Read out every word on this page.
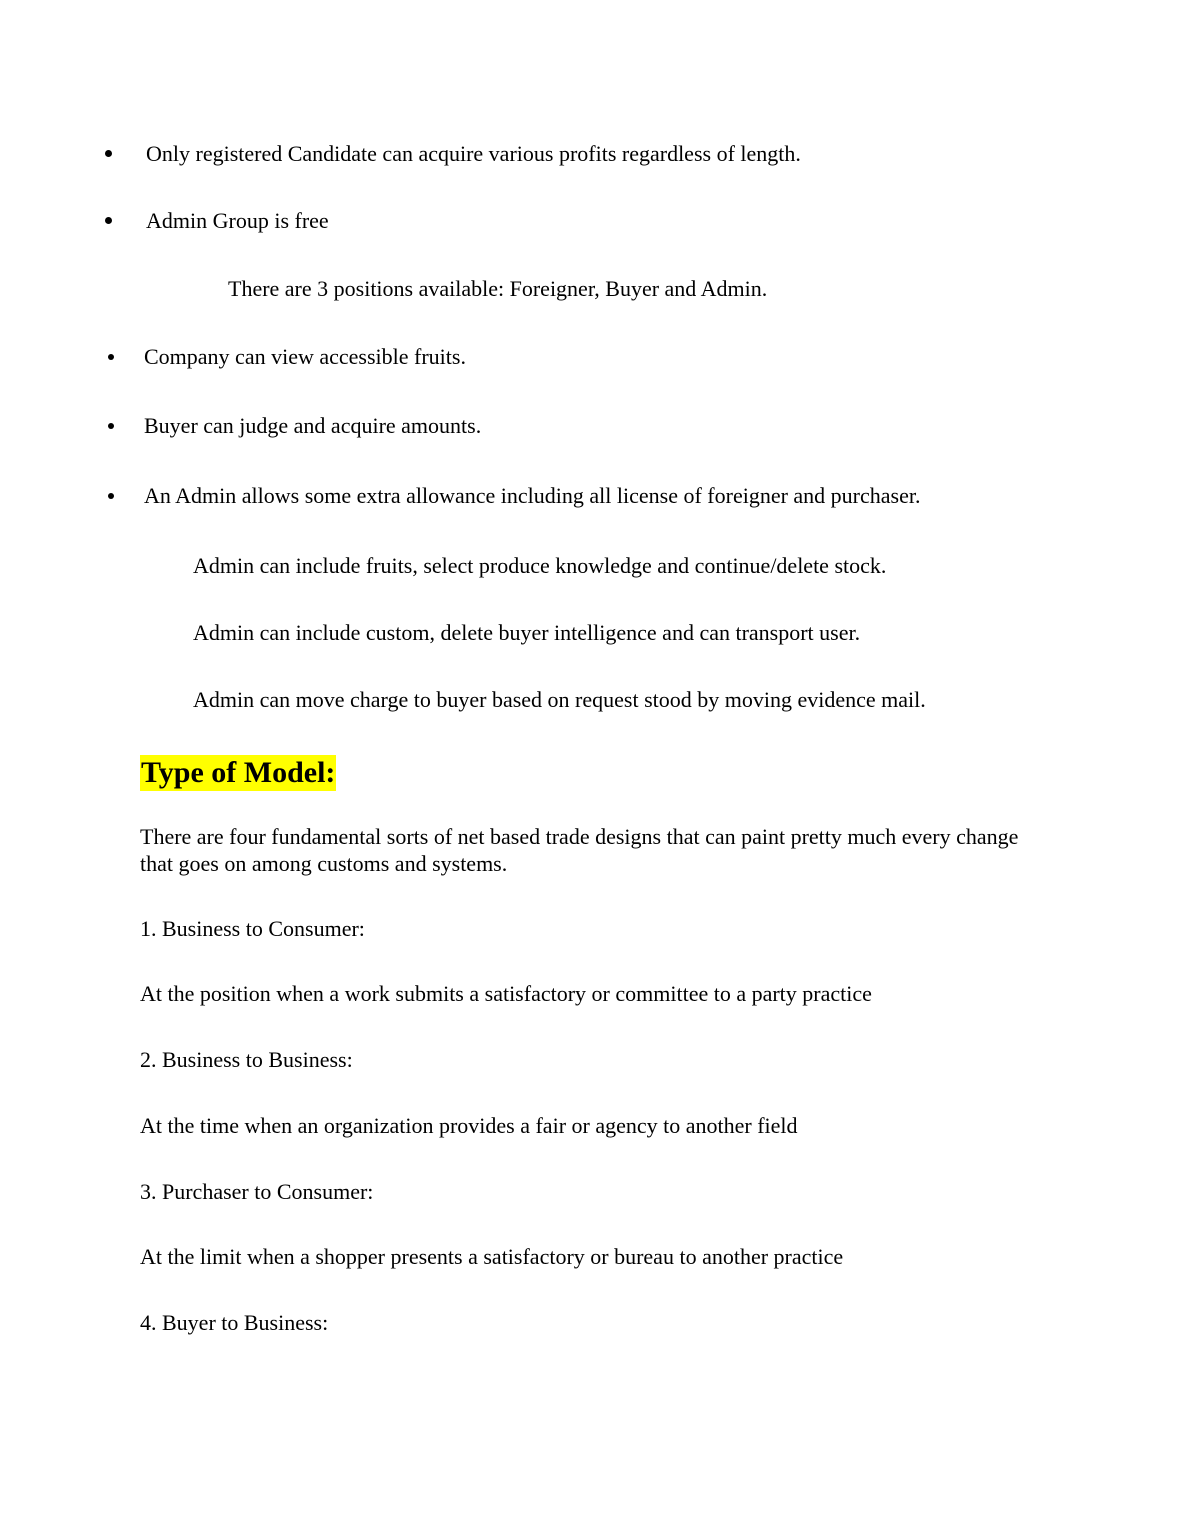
Only registered Candidate can acquire various profits regardless of length.
Admin Group is free
There are 3 positions available: Foreigner, Buyer and Admin.
Company can view accessible fruits.
Buyer can judge and acquire amounts.
An Admin allows some extra allowance including all license of foreigner and purchaser.
Admin can include fruits, select produce knowledge and continue/delete stock.
Admin can include custom, delete buyer intelligence and can transport user.
Admin can move charge to buyer based on request stood by moving evidence mail.
Type of Model:
There are four fundamental sorts of net based trade designs that can paint pretty much every change that goes on among customs and systems.
1. Business to Consumer:
At the position when a work submits a satisfactory or committee to a party practice
2. Business to Business:
At the time when an organization provides a fair or agency to another field
3. Purchaser to Consumer:
At the limit when a shopper presents a satisfactory or bureau to another practice
4. Buyer to Business:
